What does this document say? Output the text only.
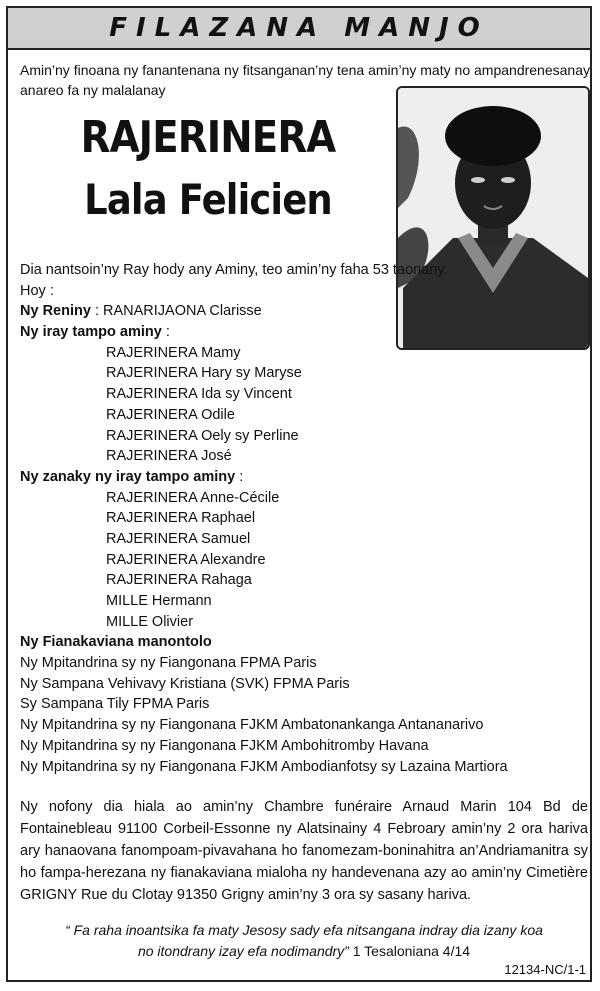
FILAZANA MANJO
Amin’ny finoana ny fanantenana ny fitsanganan’ny tena amin’ny maty no ampandrenesanay anareo fa ny malalanay
RAJERINERA
Lala Felicien
Dia nantsoin’ny Ray hody any Aminy, teo amin’ny faha 53 taonany.
Hoy :
Ny Reniny : RANARIJAONA Clarisse
Ny iray tampo aminy :
RAJERINERA Mamy
RAJERINERA Hary sy Maryse
RAJERINERA Ida sy Vincent
RAJERINERA Odile
RAJERINERA Oely sy Perline
RAJERINERA José
Ny zanaky ny iray tampo aminy :
RAJERINERA Anne-Cécile
RAJERINERA Raphael
RAJERINERA Samuel
RAJERINERA Alexandre
RAJERINERA Rahaga
MILLE Hermann
MILLE Olivier
Ny Fianakaviana manontolo
Ny Mpitandrina sy ny Fiangonana FPMA Paris
Ny Sampana Vehivavy Kristiana (SVK) FPMA Paris
Sy Sampana Tily FPMA Paris
Ny Mpitandrina sy ny Fiangonana FJKM Ambatonankanga Antananarivo
Ny Mpitandrina sy ny Fiangonana FJKM Ambohitromby Havana
Ny Mpitandrina sy ny Fiangonana FJKM Ambodianfotsy sy Lazaina Martiora
Ny nofony dia hiala ao amin’ny Chambre funéraire Arnaud Marin 104 Bd de Fontainebleau 91100 Corbeil-Essonne ny Alatsinainy 4 Febroary amin’ny 2 ora hariva ary hanaovana fanompoam-pivavahana ho fanomezam-boninahitra an’Andriamanitra sy ho fampa-herezana ny fianakaviana mialoha ny handevenana azy ao amin’ny Cimetière GRIGNY Rue du Clotay 91350 Grigny amin’ny 3 ora sy sasany hariva.
“ Fa raha inoantsika fa maty Jesosy sady efa nitsangana indray dia izany koa
no itondrany izay efa nodimandry” 1 Tesaloniana 4/14
12134-NC/1-1
